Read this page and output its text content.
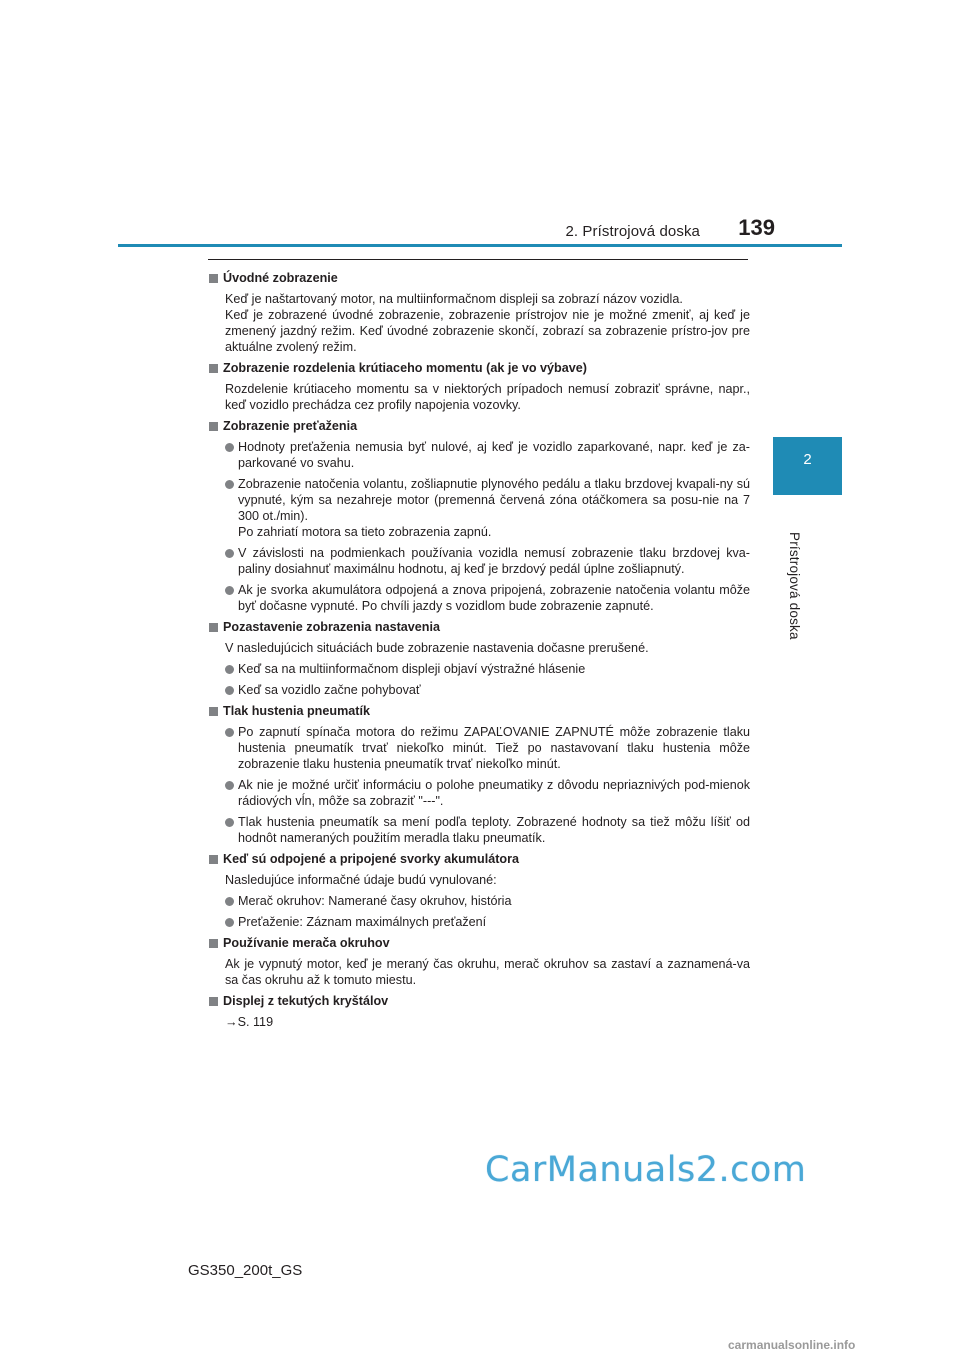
2. Prístrojová doska	139
2
Prístrojová doska
Úvodné zobrazenie
Keď je naštartovaný motor, na multiinformačnom displeji sa zobrazí názov vozidla.
Keď je zobrazené úvodné zobrazenie, zobrazenie prístrojov nie je možné zmeniť, aj keď je zmenený jazdný režim. Keď úvodné zobrazenie skončí, zobrazí sa zobrazenie prístro-jov pre aktuálne zvolený režim.
Zobrazenie rozdelenia krútiaceho momentu (ak je vo výbave)
Rozdelenie krútiaceho momentu sa v niektorých prípadoch nemusí zobraziť správne, napr., keď vozidlo prechádza cez profily napojenia vozovky.
Zobrazenie preťaženia
Hodnoty preťaženia nemusia byť nulové, aj keď je vozidlo zaparkované, napr. keď je za-parkované vo svahu.
Zobrazenie natočenia volantu, zošliapnutie plynového pedálu a tlaku brzdovej kvapali-ny sú vypnuté, kým sa nezahreje motor (premenná červená zóna otáčkomera sa posu-nie na 7 300 ot./min).
Po zahriatí motora sa tieto zobrazenia zapnú.
V závislosti na podmienkach používania vozidla nemusí zobrazenie tlaku brzdovej kva-paliny dosiahnuť maximálnu hodnotu, aj keď je brzdový pedál úplne zošliapnutý.
Ak je svorka akumulátora odpojená a znova pripojená, zobrazenie natočenia volantu môže byť dočasne vypnuté. Po chvíli jazdy s vozidlom bude zobrazenie zapnuté.
Pozastavenie zobrazenia nastavenia
V nasledujúcich situáciách bude zobrazenie nastavenia dočasne prerušené.
Keď sa na multiinformačnom displeji objaví výstražné hlásenie
Keď sa vozidlo začne pohybovať
Tlak hustenia pneumatík
Po zapnutí spínača motora do režimu ZAPAĽOVANIE ZAPNUTÉ môže zobrazenie tlaku hustenia pneumatík trvať niekoľko minút. Tiež po nastavovaní tlaku hustenia môže zobrazenie tlaku hustenia pneumatík trvať niekoľko minút.
Ak nie je možné určiť informáciu o polohe pneumatiky z dôvodu nepriaznivých pod-mienok rádiových vĺn, môže sa zobraziť "---".
Tlak hustenia pneumatík sa mení podľa teploty. Zobrazené hodnoty sa tiež môžu líšiť od hodnôt nameraných použitím meradla tlaku pneumatík.
Keď sú odpojené a pripojené svorky akumulátora
Nasledujúce informačné údaje budú vynulované:
Merač okruhov: Namerané časy okruhov, história
Preťaženie: Záznam maximálnych preťažení
Používanie merača okruhov
Ak je vypnutý motor, keď je meraný čas okruhu, merač okruhov sa zastaví a zaznamená-va sa čas okruhu až k tomuto miestu.
Displej z tekutých kryštálov
→S. 119
GS350_200t_GS
CarManuals2.com
carmanualsonline.info
